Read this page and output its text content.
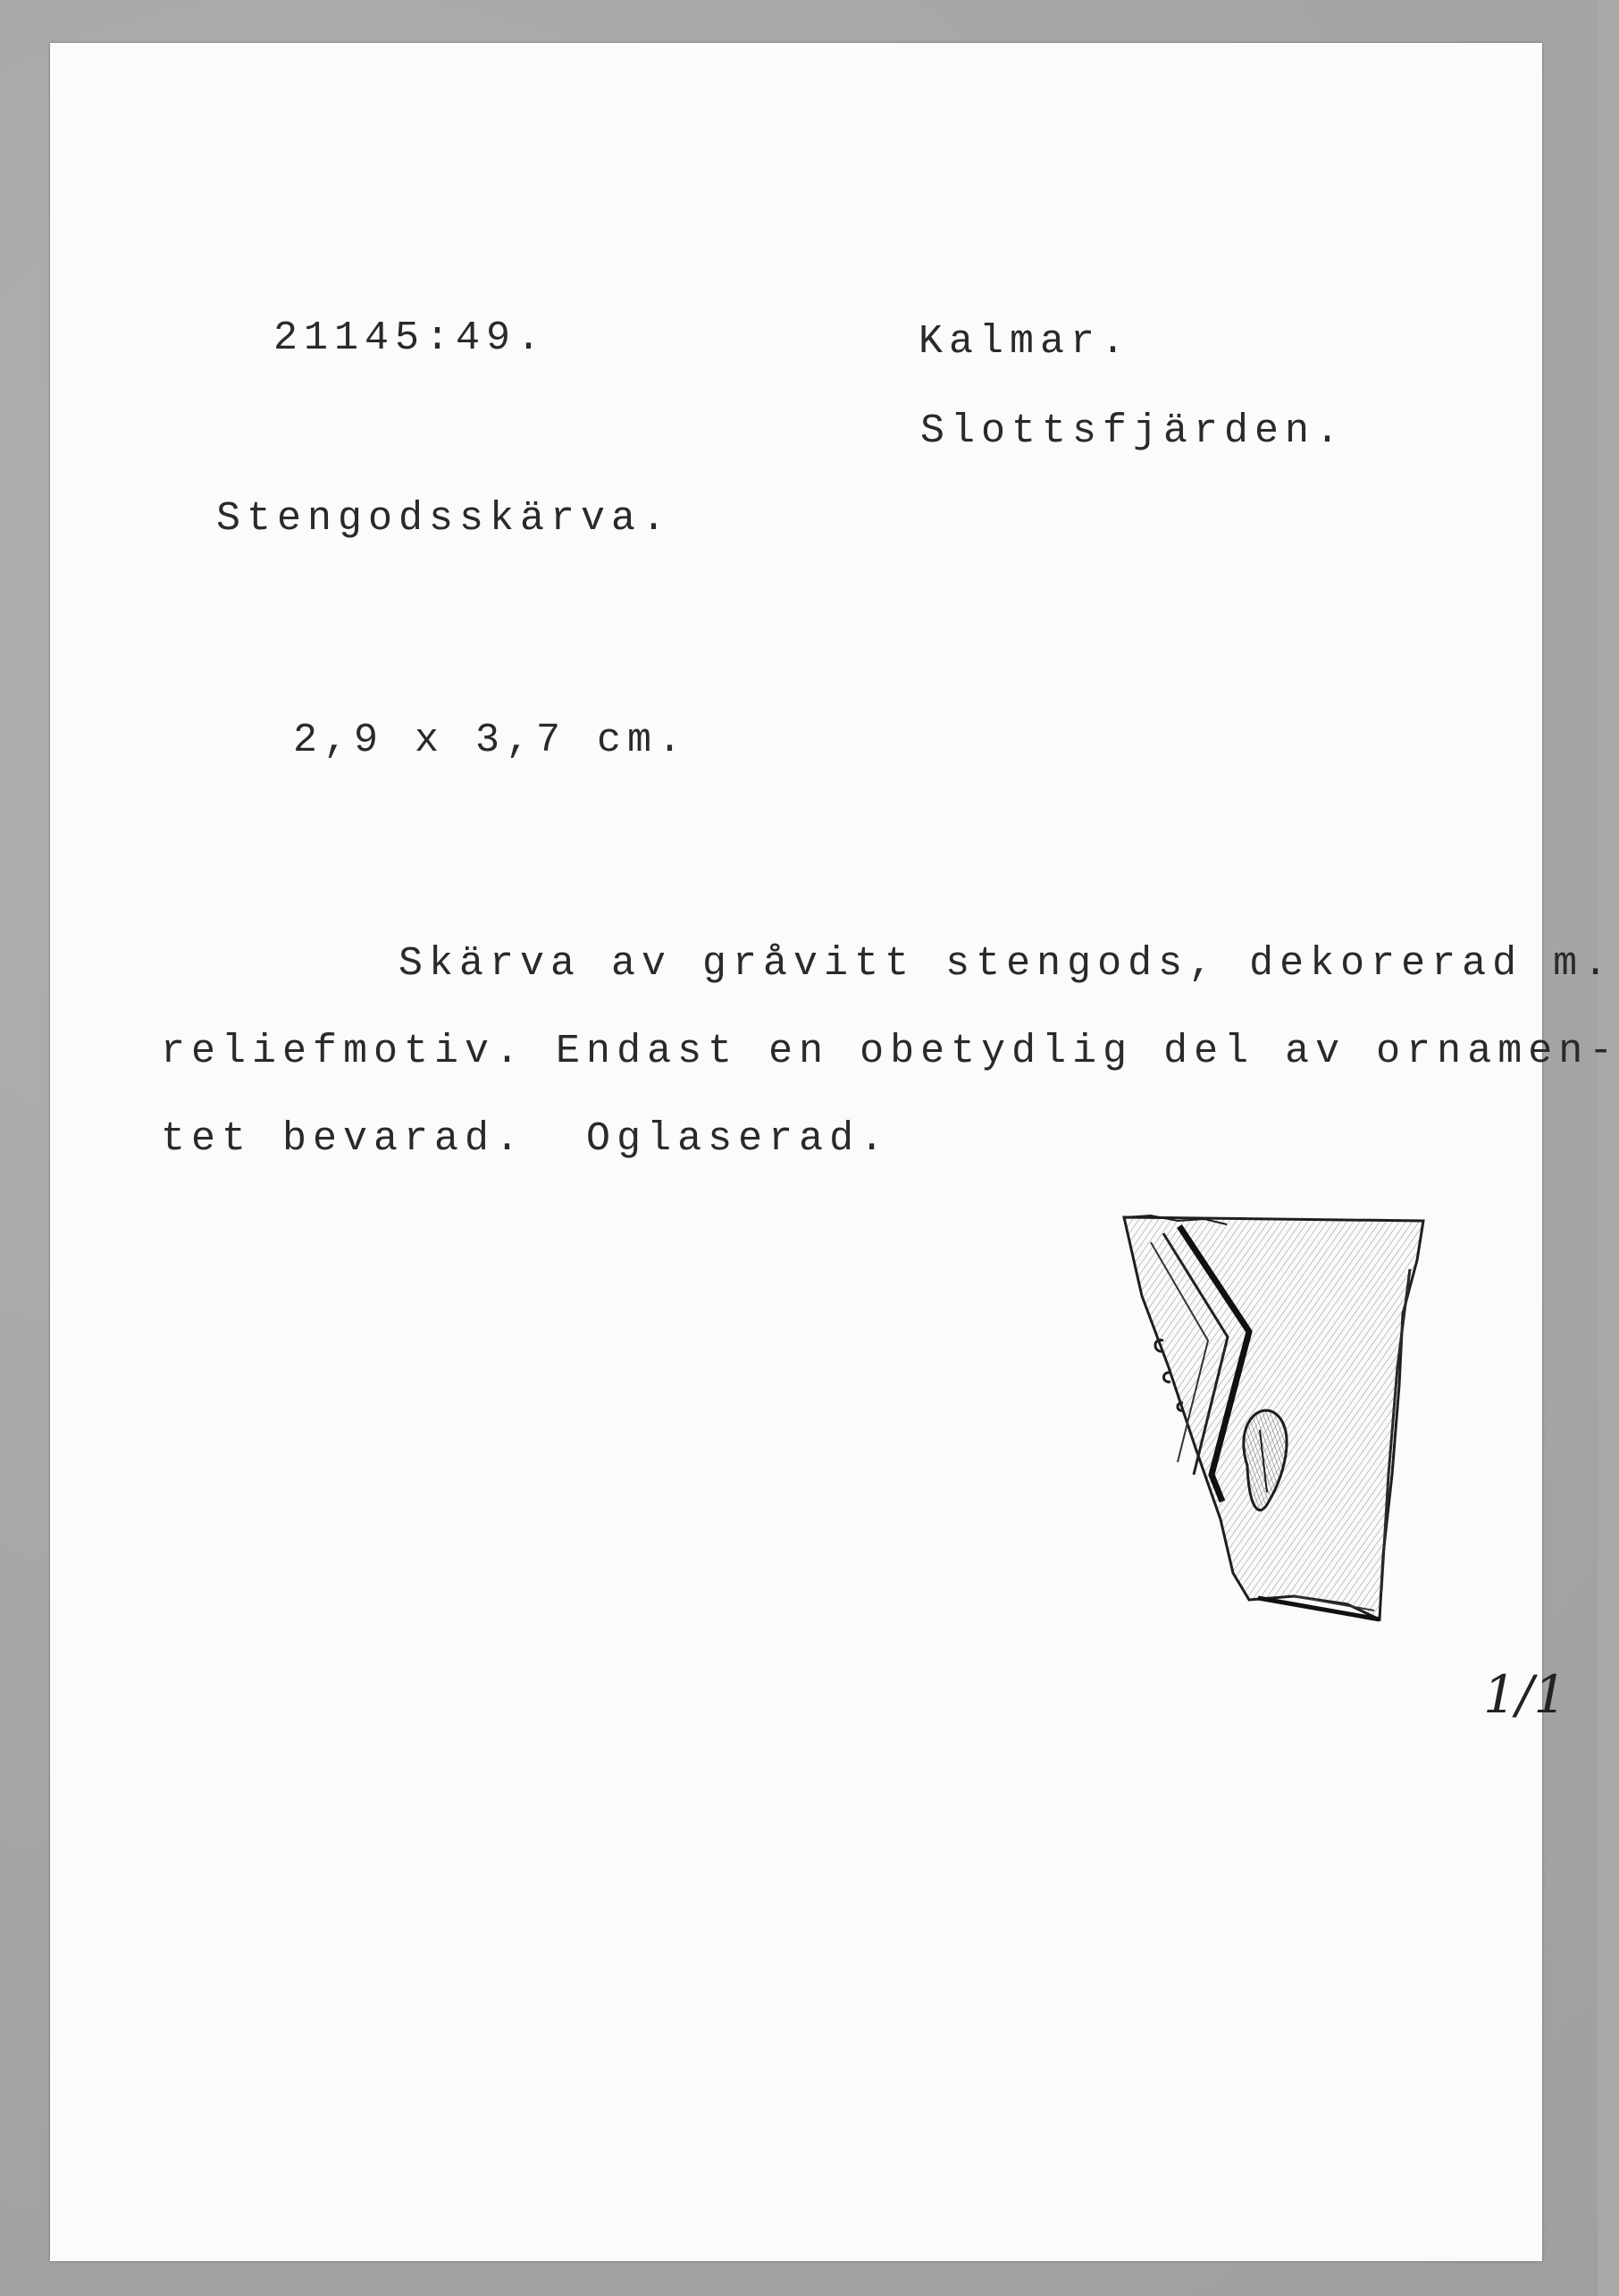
21145:49.	Kalmar.
Slottsfjärden.
Stengodsskärva.
2,9 x 3,7 cm.
Skärva av gråvitt stengods, dekorerad m.
reliefmotiv. Endast en obetydlig del av ornamen-
tet bevarad.  Oglaserad.
1/1
